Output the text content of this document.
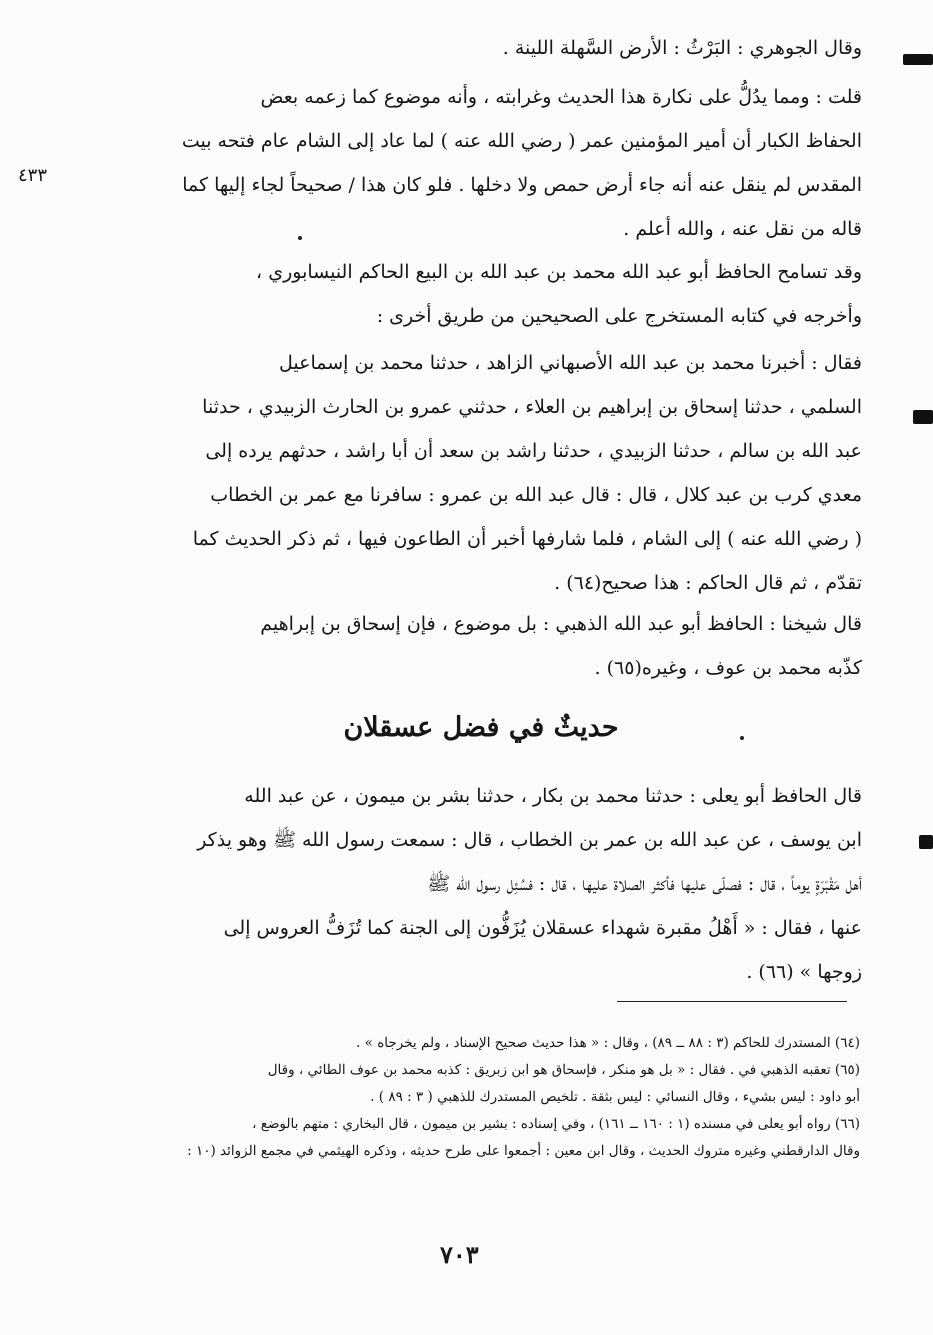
٤٣٣

وقال الجوهري : البَرْثُ : الأرض السَّهلة اللينة .

قلت : ومما يدُلُّ على نكارة هذا الحديث وغرابته ، وأنه موضوع كما زعمه بعض
الحفاظ الكبار أن أمير المؤمنين عمر ( رضي الله عنه ) لما عاد إلى الشام عام فتحه بيت
المقدس لم ينقل عنه أنه جاء أرض حمص ولا دخلها . فلو كان هذا / صحيحاً لجاء إليها كما
قاله من نقل عنه ، والله أعلم .

وقد تسامح الحافظ أبو عبد الله محمد بن عبد الله بن البيع الحاكم النيسابوري ،
وأخرجه في كتابه المستخرج على الصحيحين من طريق أخرى :

فقال : أخبرنا محمد بن عبد الله الأصبهاني الزاهد ، حدثنا محمد بن إسماعيل
السلمي ، حدثنا إسحاق بن إبراهيم بن العلاء ، حدثني عمرو بن الحارث الزبيدي ، حدثنا
عبد الله بن سالم ، حدثنا الزبيدي ، حدثنا راشد بن سعد أن أبا راشد ، حدثهم يرده إلى
معدي كرب بن عبد كلال ، قال : قال عبد الله بن عمرو : سافرنا مع عمر بن الخطاب
( رضي الله عنه ) إلى الشام ، فلما شارفها أخبر أن الطاعون فيها ، ثم ذكر الحديث كما
تقدّم ، ثم قال الحاكم : هذا صحيح(٦٤) .

قال شيخنا : الحافظ أبو عبد الله الذهبي : بل موضوع ، فإن إسحاق بن إبراهيم
كذّبه محمد بن عوف ، وغيره(٦٥) .

حديثٌ في فضل عسقلان

قال الحافظ أبو يعلى : حدثنا محمد بن بكار ، حدثنا بشر بن ميمون ، عن عبد الله
ابن يوسف ، عن عبد الله بن عمر بن الخطاب ، قال : سمعت رسول الله ﷺ وهو يذكر
أهل مَقْبَرَةٍ يوماً ، قال : فصلّى عليها فأكثر الصلاة عليها ، قال : فسُئِل رسول الله ﷺ
عنها ، فقال : « أَهْلُ مقبرة شهداء عسقلان يُزَفُّون إلى الجنة كما تُزَفُّ العروس إلى
زوجها » (٦٦) .

(٦٤) المستدرك للحاكم (٣ : ٨٨ ــ ٨٩) ، وقال : « هذا حديث صحيح الإسناد ، ولم يخرجاه » .
(٦٥) تعقبه الذهبي في . فقال : « بل هو منكر ، فإسحاق هو ابن زبريق : كذبه محمد بن عوف الطائي ، وقال
أبو داود : ليس بشيء ، وقال النسائي : ليس بثقة . تلخيص المستدرك للذهبي ( ٣ : ٨٩ ) .
(٦٦) رواه أبو يعلى في مسنده (١ : ١٦٠ ــ ١٦١) ، وفي إسناده : بشير بن ميمون ، قال البخاري : متهم بالوضع ،
وقال الدارقطني وغيره متروك الحديث ، وقال ابن معين : أجمعوا على طرح حديثه ، وذكره الهيثمي في مجمع الزوائد (١٠ :
٧٠٣
